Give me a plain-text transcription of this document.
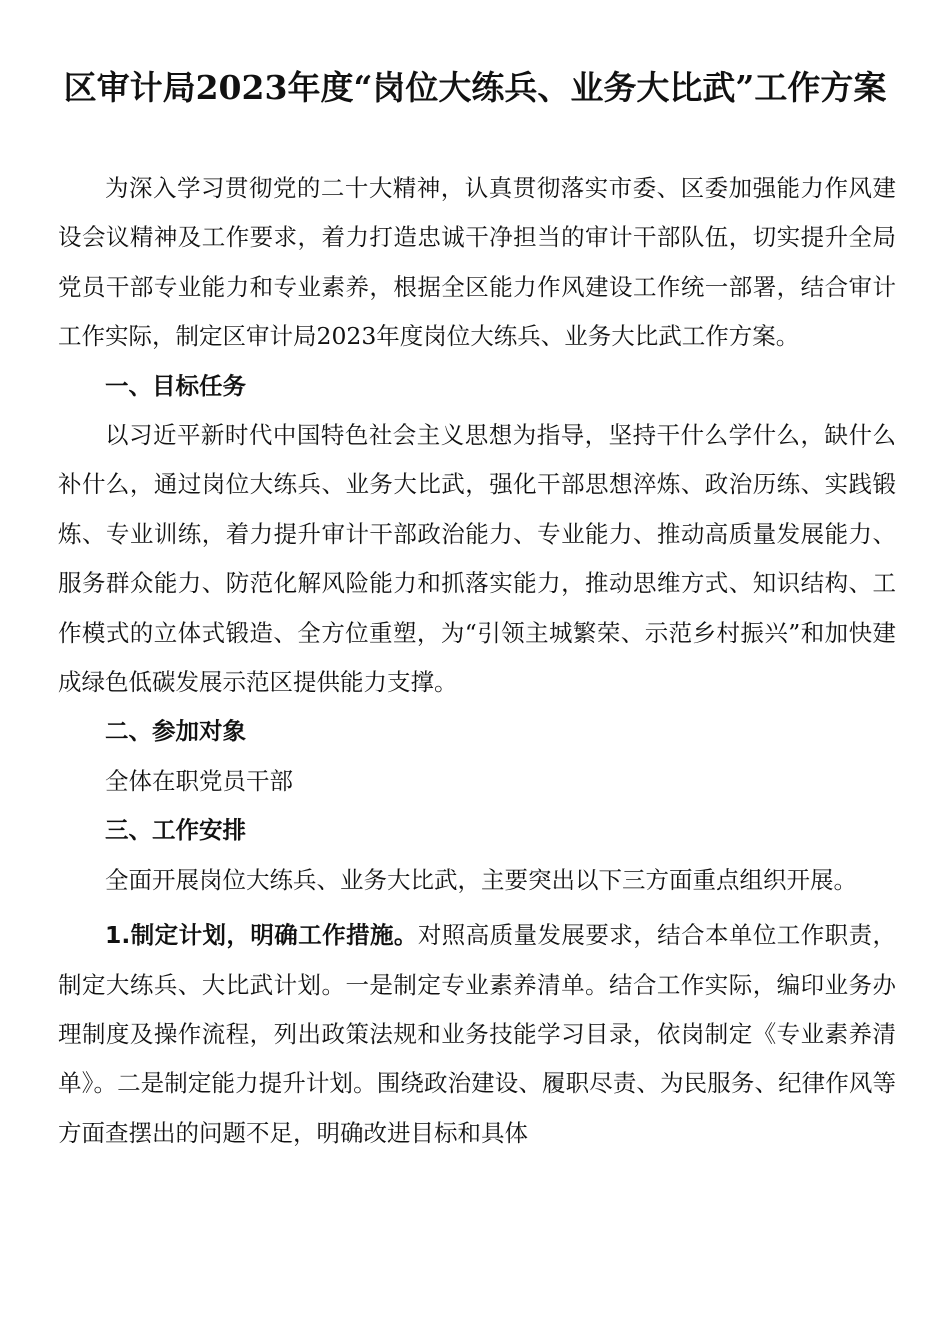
区审计局2023年度“岗位大练兵、业务大比武”工作方案

为深入学习贯彻党的二十大精神，认真贯彻落实市委、区委加强能力作风建设会议精神及工作要求，着力打造忠诚干净担当的审计干部队伍，切实提升全局党员干部专业能力和专业素养，根据全区能力作风建设工作统一部署，结合审计工作实际，制定区审计局2023年度岗位大练兵、业务大比武工作方案。

一、目标任务

以习近平新时代中国特色社会主义思想为指导，坚持干什么学什么，缺什么补什么，通过岗位大练兵、业务大比武，强化干部思想淬炼、政治历练、实践锻炼、专业训练，着力提升审计干部政治能力、专业能力、推动高质量发展能力、服务群众能力、防范化解风险能力和抓落实能力，推动思维方式、知识结构、工作模式的立体式锻造、全方位重塑，为“引领主城繁荣、示范乡村振兴”和加快建成绿色低碳发展示范区提供能力支撑。

二、参加对象

全体在职党员干部

三、工作安排

全面开展岗位大练兵、业务大比武，主要突出以下三方面重点组织开展。

1.制定计划，明确工作措施。对照高质量发展要求，结合本单位工作职责，制定大练兵、大比武计划。一是制定专业素养清单。结合工作实际，编印业务办理制度及操作流程，列出政策法规和业务技能学习目录，依岗制定《专业素养清单》。二是制定能力提升计划。围绕政治建设、履职尽责、为民服务、纪律作风等方面查摆出的问题不足，明确改进目标和具体
